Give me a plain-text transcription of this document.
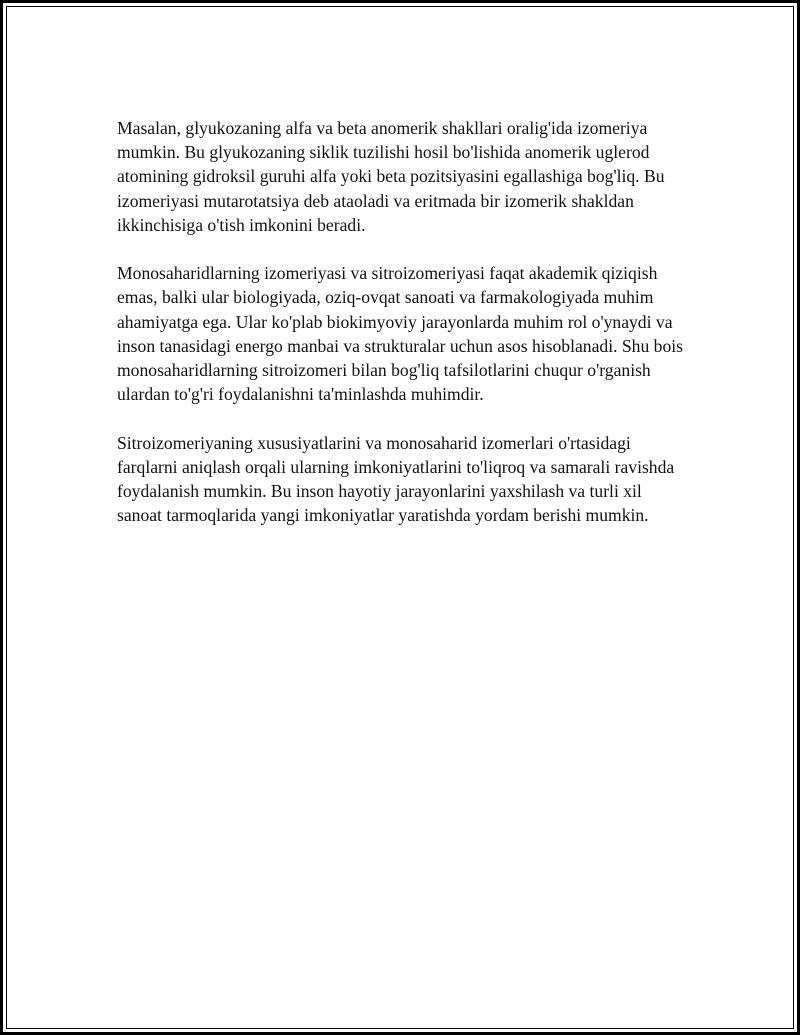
Masalan, glyukozaning alfa va beta anomerik shakllari oralig'ida izomeriya mumkin. Bu glyukozaning siklik tuzilishi hosil bo'lishida anomerik uglerod atomining gidroksil guruhi alfa yoki beta pozitsiyasini egallashiga bog'liq. Bu izomeriyasi mutarotatsiya deb ataoladi va eritmada bir izomerik shakldan ikkinchisiga o'tish imkonini beradi.

Monosaharidlarning izomeriyasi va sitroizomeriyasi faqat akademik qiziqish emas, balki ular biologiyada, oziq-ovqat sanoati va farmakologiyada muhim ahamiyatga ega. Ular ko'plab biokimyoviy jarayonlarda muhim rol o'ynaydi va inson tanasidagi energo manbai va strukturalar uchun asos hisoblanadi. Shu bois monosaharidlarning sitroizomeri bilan bog'liq tafsilotlarini chuqur o'rganish ulardan to'g'ri foydalanishni ta'minlashda muhimdir.

Sitroizomeriyaning xususiyatlarini va monosaharid izomerlari o'rtasidagi farqlarni aniqlash orqali ularning imkoniyatlarini to'liqroq va samarali ravishda foydalanish mumkin. Bu inson hayotiy jarayonlarini yaxshilash va turli xil sanoat tarmoqlarida yangi imkoniyatlar yaratishda yordam berishi mumkin.
